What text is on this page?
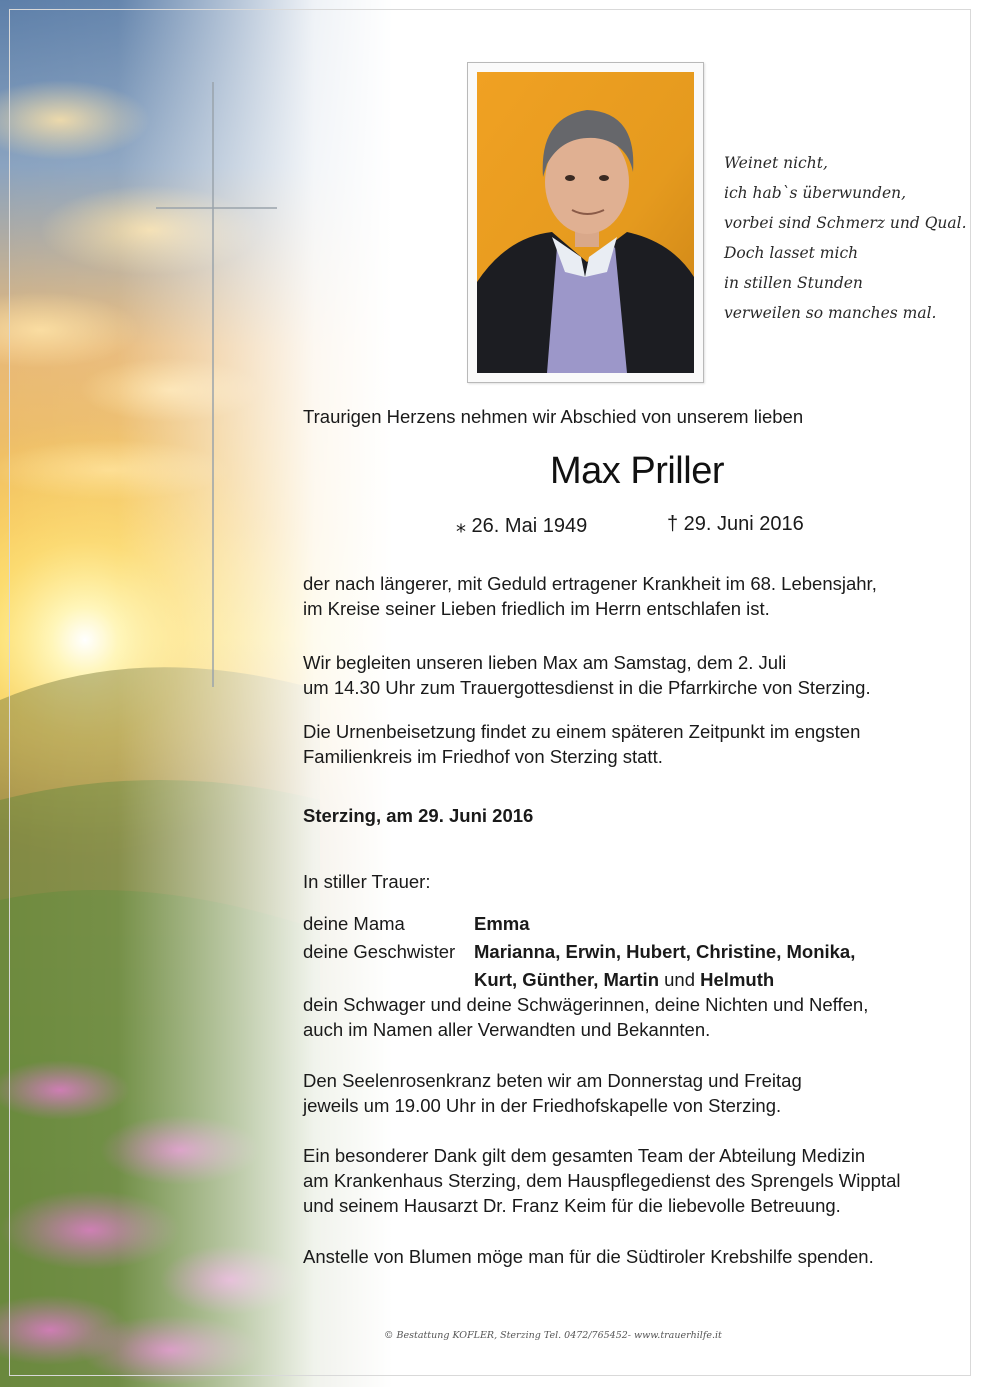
Weinet nicht,
ich hab`s überwunden,
vorbei sind Schmerz und Qual.
Doch lasset mich
in stillen Stunden
verweilen so manches mal.
Traurigen Herzens nehmen wir Abschied von unserem lieben
Max Priller
⁎ 26. Mai 1949	† 29. Juni 2016
der nach längerer, mit Geduld ertragener Krankheit im 68. Lebensjahr,
im Kreise seiner Lieben friedlich im Herrn entschlafen ist.
Wir begleiten unseren lieben Max am Samstag, dem 2. Juli
um 14.30 Uhr zum Trauergottesdienst in die Pfarrkirche von Sterzing.
Die Urnenbeisetzung findet zu einem späteren Zeitpunkt im engsten
Familienkreis im Friedhof von Sterzing statt.
Sterzing, am 29. Juni 2016
In stiller Trauer:
deine Mama	Emma
deine Geschwister Marianna, Erwin, Hubert, Christine, Monika,
Kurt, Günther, Martin und Helmuth
dein Schwager und deine Schwägerinnen, deine Nichten und Neffen,
auch im Namen aller Verwandten und Bekannten.
Den Seelenrosenkranz beten wir am Donnerstag und Freitag
jeweils um 19.00 Uhr in der Friedhofskapelle von Sterzing.
Ein besonderer Dank gilt dem gesamten Team der Abteilung Medizin
am Krankenhaus Sterzing, dem Hauspflegedienst des Sprengels Wipptal
und seinem Hausarzt Dr. Franz Keim für die liebevolle Betreuung.
Anstelle von Blumen möge man für die Südtiroler Krebshilfe spenden.
© Bestattung KOFLER, Sterzing Tel. 0472/765452- www.trauerhilfe.it
